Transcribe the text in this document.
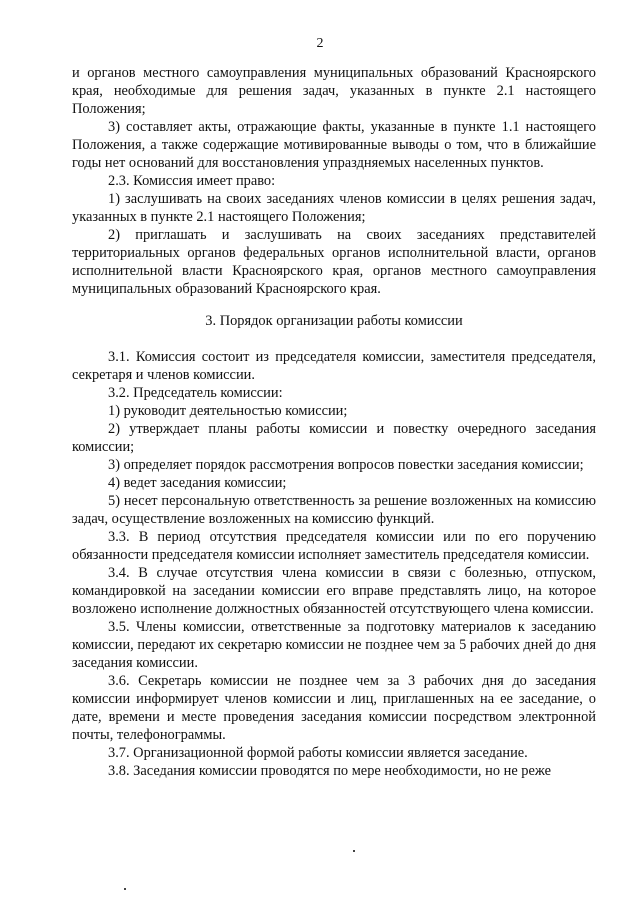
2

и органов местного самоуправления муниципальных образований Красноярского края, необходимые для решения задач, указанных в пункте 2.1 настоящего Положения;

3) составляет акты, отражающие факты, указанные в пункте 1.1 настоящего Положения, а также содержащие мотивированные выводы о том, что в ближайшие годы нет оснований для восстановления упраздняемых населенных пунктов.

2.3. Комиссия имеет право:

1) заслушивать на своих заседаниях членов комиссии в целях решения задач, указанных в пункте 2.1 настоящего Положения;

2) приглашать и заслушивать на своих заседаниях представителей территориальных органов федеральных органов исполнительной власти, органов исполнительной власти Красноярского края, органов местного самоуправления муниципальных образований Красноярского края.

3. Порядок организации работы комиссии

3.1. Комиссия состоит из председателя комиссии, заместителя председателя, секретаря и членов комиссии.

3.2. Председатель комиссии:

1) руководит деятельностью комиссии;

2) утверждает планы работы комиссии и повестку очередного заседания комиссии;

3) определяет порядок рассмотрения вопросов повестки заседания комиссии;

4) ведет заседания комиссии;

5) несет персональную ответственность за решение возложенных на комиссию задач, осуществление возложенных на комиссию функций.

3.3. В период отсутствия председателя комиссии или по его поручению обязанности председателя комиссии исполняет заместитель председателя комиссии.

3.4. В случае отсутствия члена комиссии в связи с болезнью, отпуском, командировкой на заседании комиссии его вправе представлять лицо, на которое возложено исполнение должностных обязанностей отсутствующего члена комиссии.

3.5. Члены комиссии, ответственные за подготовку материалов к заседанию комиссии, передают их секретарю комиссии не позднее чем за 5 рабочих дней до дня заседания комиссии.

3.6. Секретарь комиссии не позднее чем за 3 рабочих дня до заседания комиссии информирует членов комиссии и лиц, приглашенных на ее заседание, о дате, времени и месте проведения заседания комиссии посредством электронной почты, телефонограммы.

3.7. Организационной формой работы комиссии является заседание.

3.8. Заседания комиссии проводятся по мере необходимости, но не реже
